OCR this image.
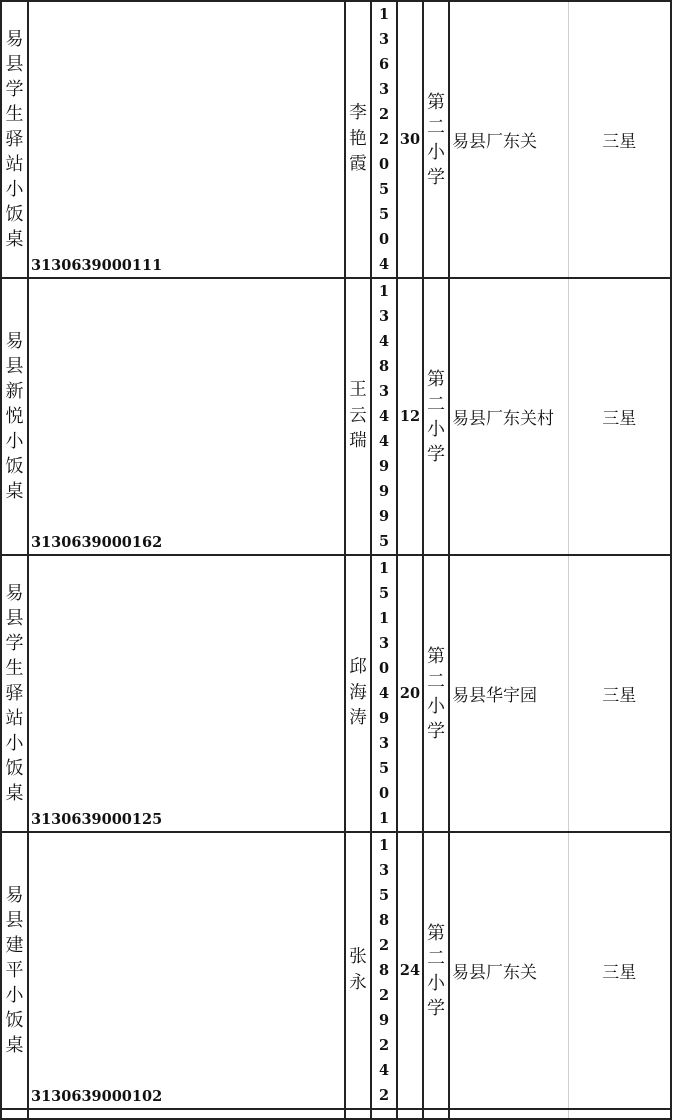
易县学生驿站小饭桌	3130639000111	李艳霞	13632205504	30	第二小学	易县厂东关	三星

易县新悦小饭桌	3130639000162	王云瑞	13483449995	12	第二小学	易县厂东关村	三星

易县学生驿站小饭桌	3130639000125	邱海涛	15130493501	20	第二小学	易县华宇园	三星

易县建平小饭桌	3130639000102	张永	13582829242	24	第二小学	易县厂东关	三星
